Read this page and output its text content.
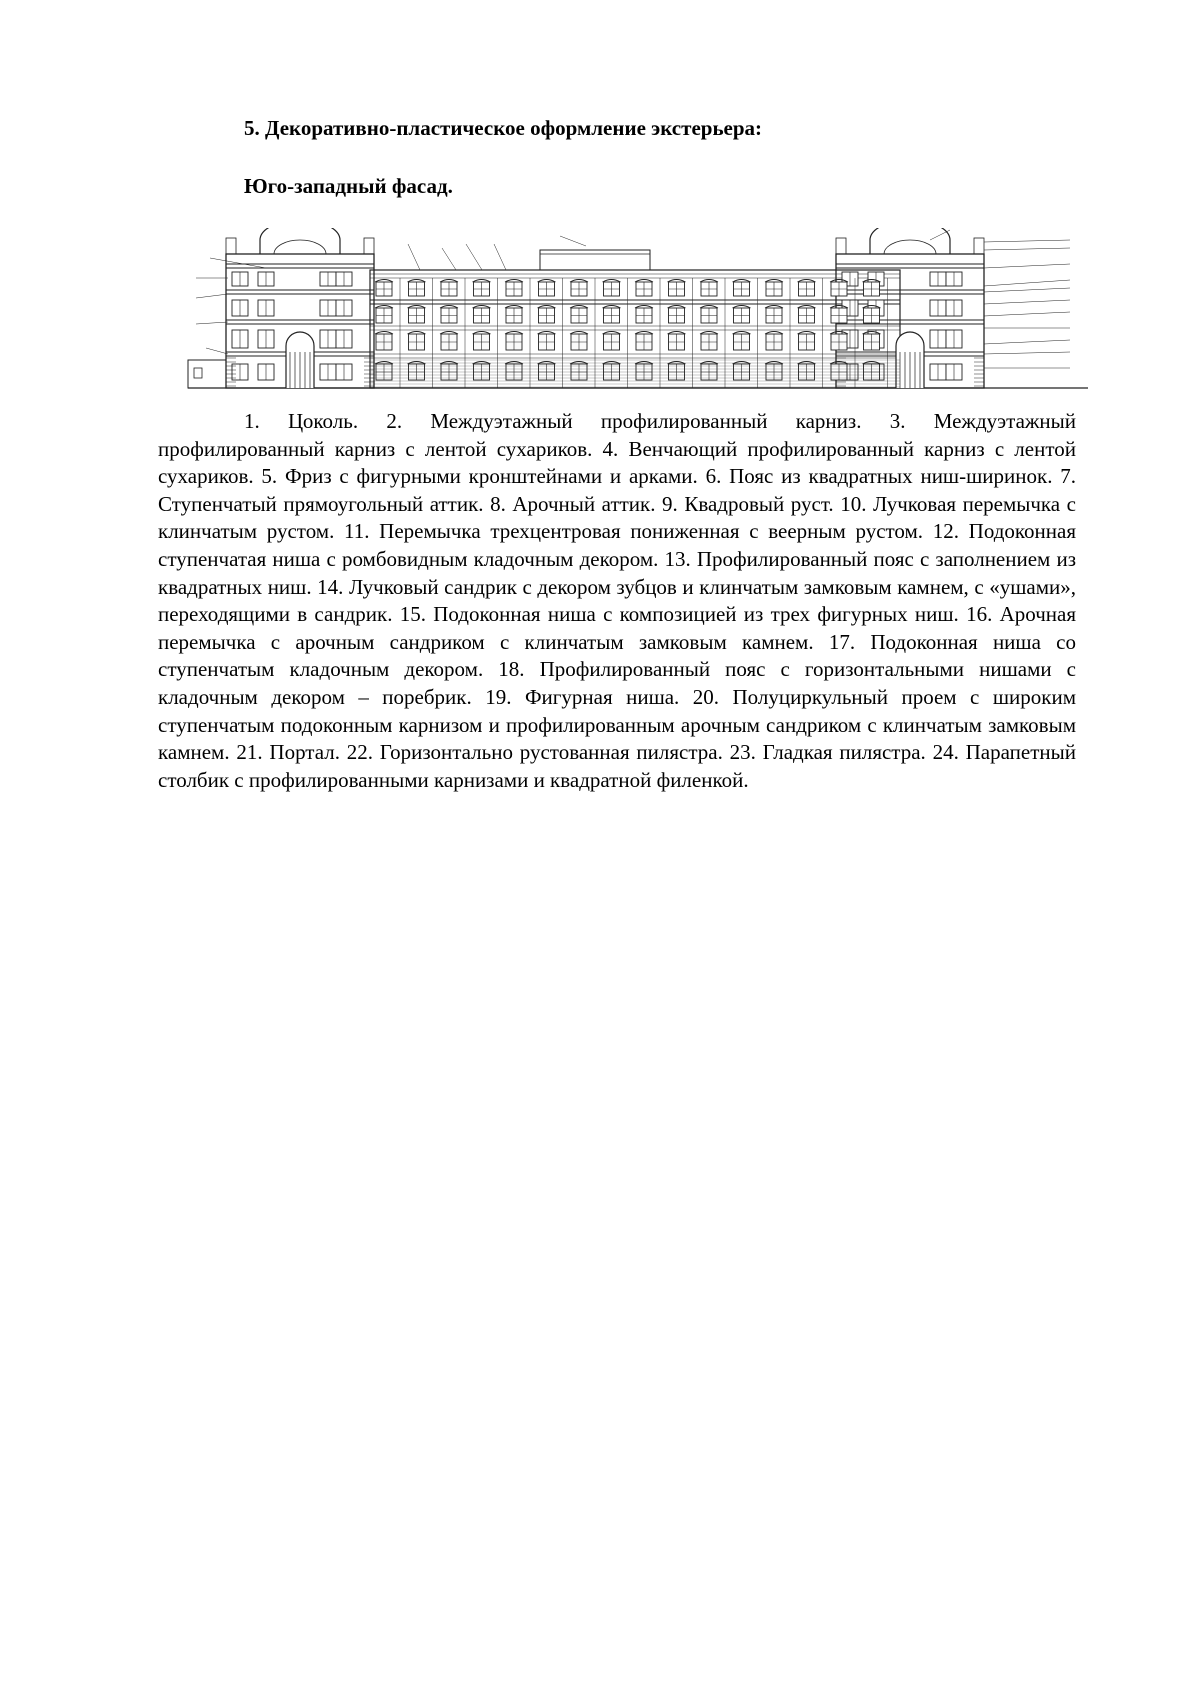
5. Декоративно-пластическое оформление экстерьера:

Юго-западный фасад.

1. Цоколь. 2. Междуэтажный профилированный карниз. 3. Междуэтажный профилированный карниз с лентой сухариков. 4. Венчающий профилированный карниз с лентой сухариков. 5. Фриз с фигурными кронштейнами и арками. 6. Пояс из квадратных ниш-ширинок. 7. Ступенчатый прямоугольный аттик. 8. Арочный аттик. 9. Квадровый руст. 10. Лучковая перемычка с клинчатым рустом. 11. Перемычка трехцентровая пониженная с веерным рустом. 12. Подоконная ступенчатая ниша с ромбовидным кладочным декором. 13. Профилированный пояс с заполнением из квадратных ниш. 14. Лучковый сандрик с декором зубцов и клинчатым замковым камнем, с «ушами», переходящими в сандрик. 15. Подоконная ниша с композицией из трех фигурных ниш. 16. Арочная перемычка с арочным сандриком с клинчатым замковым камнем. 17. Подоконная ниша со ступенчатым кладочным декором. 18. Профилированный пояс с горизонтальными нишами с кладочным декором – поребрик. 19. Фигурная ниша. 20. Полуциркульный проем с широким ступенчатым подоконным карнизом и профилированным арочным сандриком с клинчатым замковым камнем. 21. Портал. 22. Горизонтально рустованная пилястра. 23. Гладкая пилястра. 24. Парапетный столбик с профилированными карнизами и квадратной филенкой.
